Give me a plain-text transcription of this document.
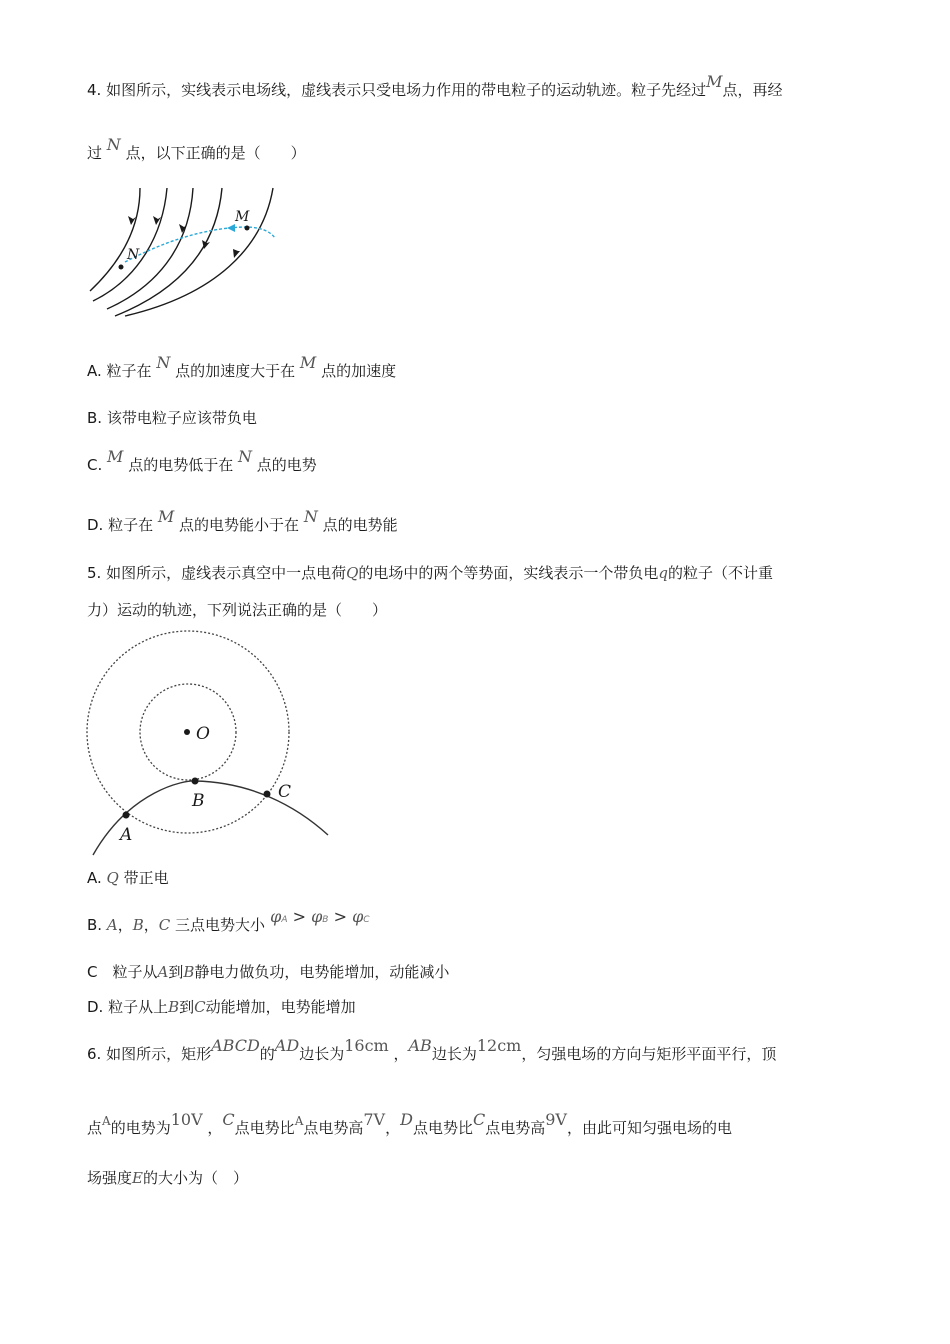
4. 如图所示，实线表示电场线，虚线表示只受电场力作用的带电粒子的运动轨迹。粒子先经过M点，再经
过 N 点，以下正确的是（　　）
M
N
A. 粒子在 N 点的加速度大于在 M 点的加速度
B. 该带电粒子应该带负电
C. M 点的电势低于在 N 点的电势
D. 粒子在 M 点的电势能小于在 N 点的电势能
5. 如图所示，虚线表示真空中一点电荷Q的电场中的两个等势面，实线表示一个带负电q的粒子（不计重
力）运动的轨迹，下列说法正确的是（　　）
O
A
B	C
A. Q 带正电
B. A，B，C 三点电势大小 φA > φB > φC
C　粒子从A到B静电力做负功，电势能增加，动能减小
D. 粒子从上B到C动能增加，电势能增加
6. 如图所示，矩形ABCD的AD边长为16cm ，AB边长为12cm，匀强电场的方向与矩形平面平行，顶
点$^A$的电势为10V ，C点电势比$^A$点电势高7V，D点电势比C点电势高9V，由此可知匀强电场的电
场强度E的大小为（　）
